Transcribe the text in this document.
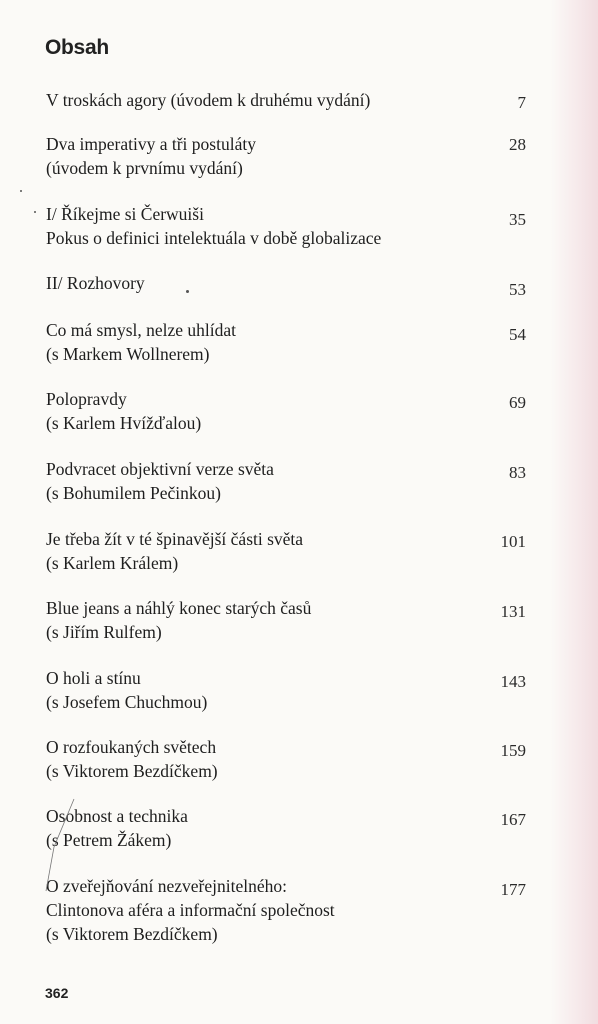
Obsah
V troskách agory (úvodem k druhému vydání)	7
Dva imperativy a tři postuláty
(úvodem k prvnímu vydání)
28
I/ Říkejme si Čerwuiši
Pokus o definici intelektuála v době globalizace
35
II/ Rozhovory	53
Co má smysl, nelze uhlídat
(s Markem Wollnerem)
54
Polopravdy
(s Karlem Hvížďalou)
69
Podvracet objektivní verze světa
(s Bohumilem Pečinkou)
83
Je třeba žít v té špinavější části světa
(s Karlem Králem)
101
Blue jeans a náhlý konec starých časů
(s Jiřím Rulfem)
131
O holi a stínu
(s Josefem Chuchmou)
143
O rozfoukaných světech
(s Viktorem Bezdíčkem)
159
Osobnost a technika
(s Petrem Žákem)
167
O zveřejňování nezveřejnitelného:
Clintonova aféra a informační společnost
(s Viktorem Bezdíčkem)
177
362
